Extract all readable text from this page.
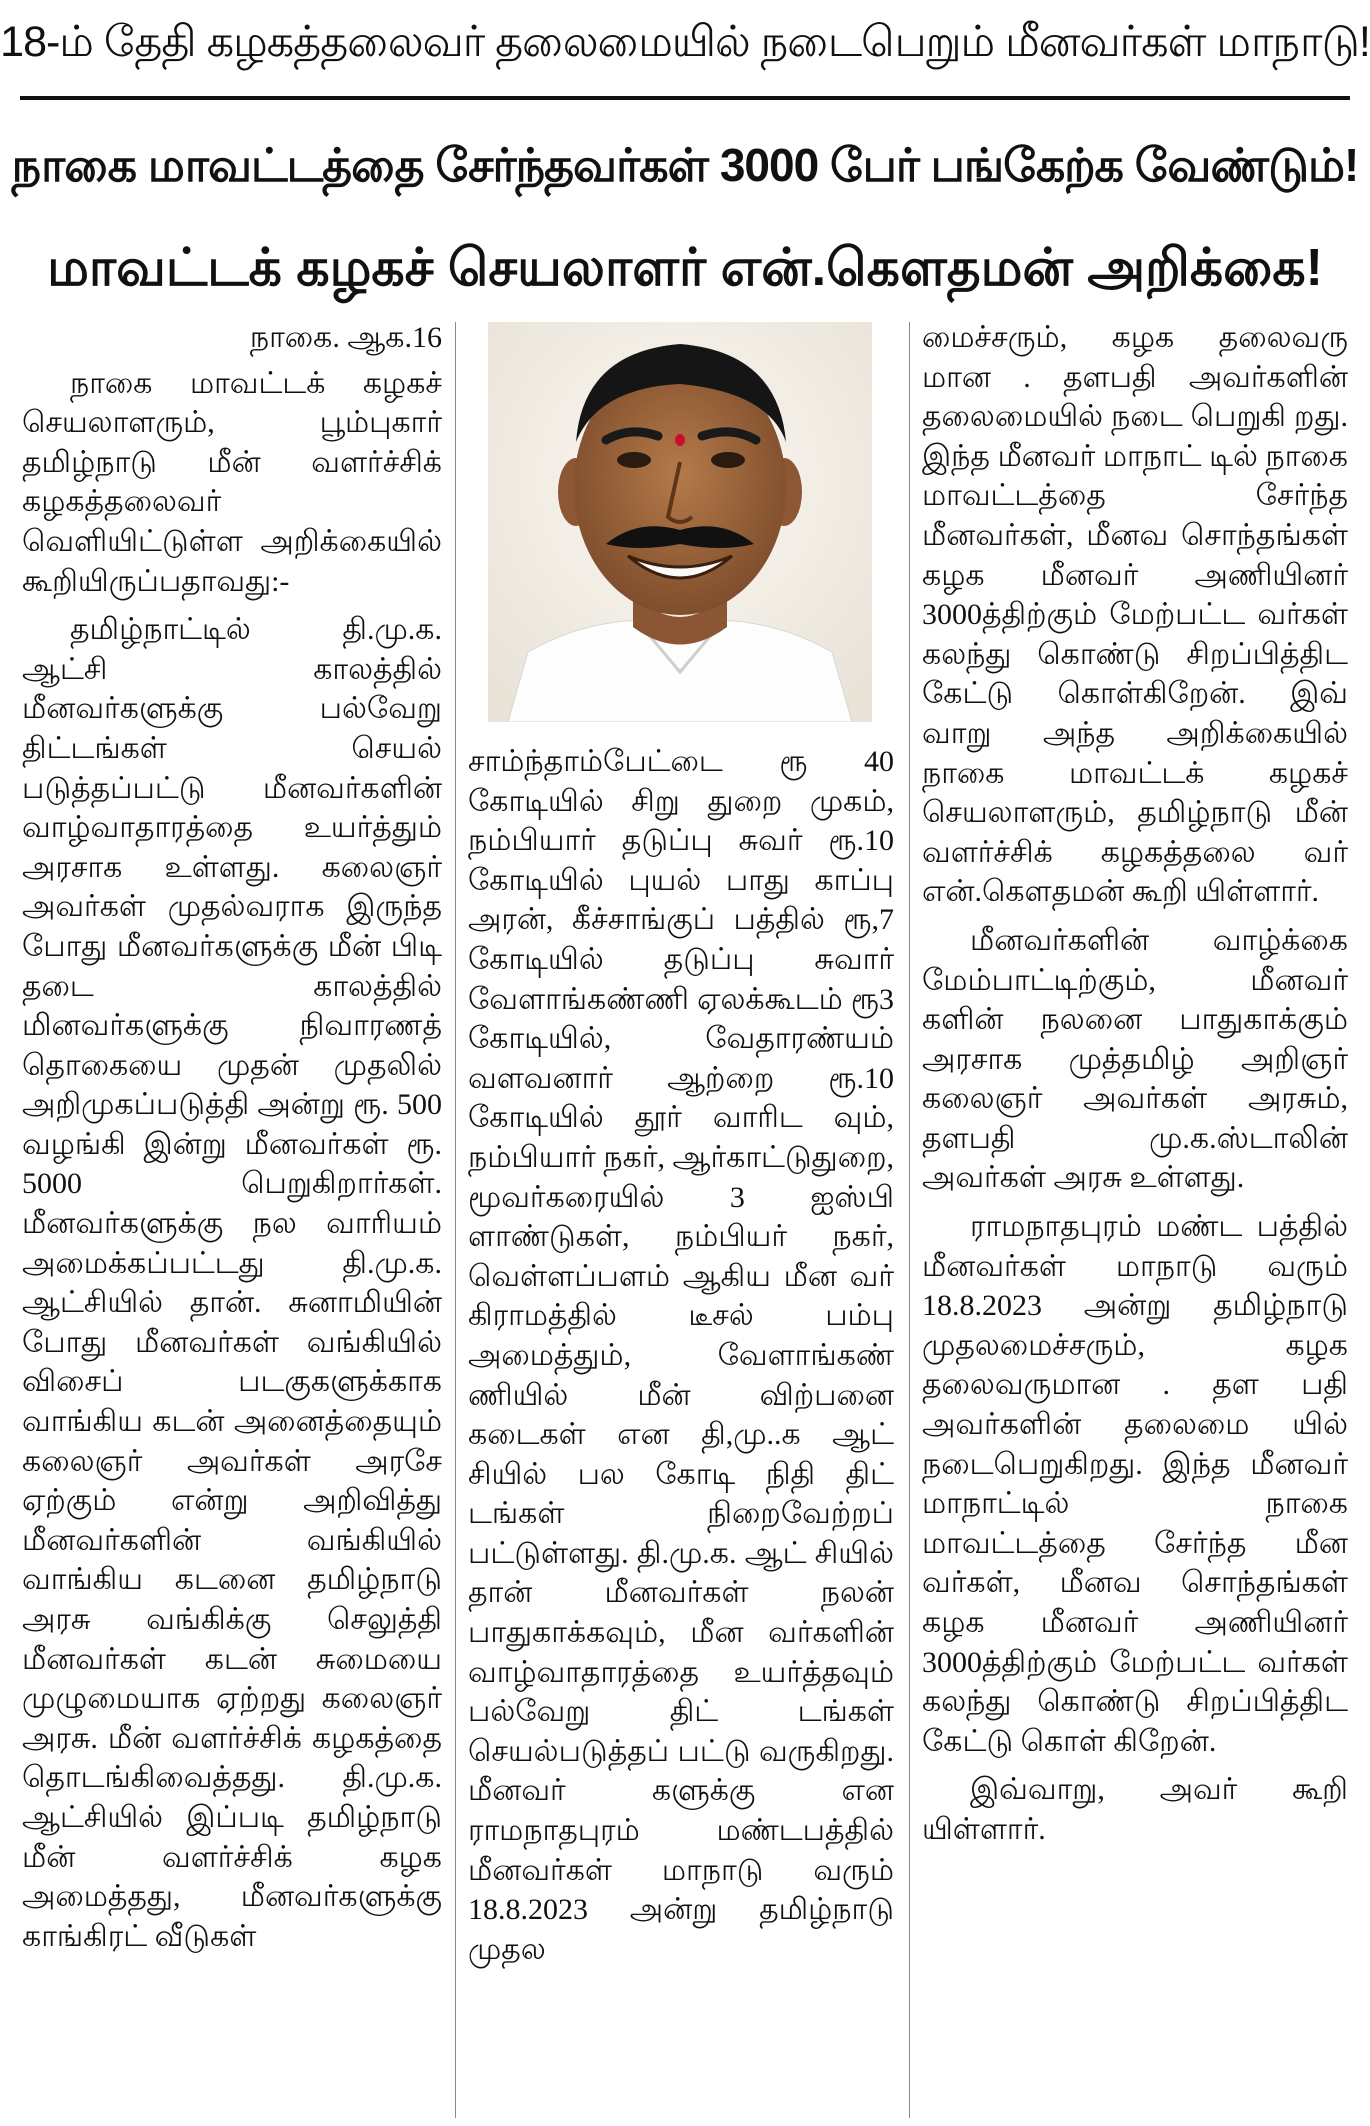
18-ம் தேதி கழகத்தலைவர் தலைமையில் நடைபெறும் மீனவர்கள் மாநாடு!
நாகை மாவட்டத்தை சேர்ந்தவர்கள் 3000 பேர் பங்கேற்க வேண்டும்!
மாவட்டக் கழகச் செயலாளர் என்.கௌதமன் அறிக்கை!
நாகை. ஆக.16

நாகை மாவட்டக் கழகச் செயலாளரும், பூம்புகார் தமிழ்நாடு மீன் வளர்ச்சிக் கழகத்தலைவர் வெளியிட்டுள்ள அறிக்கையில் கூறியிருப்பதாவது:-

தமிழ்நாட்டில் தி.மு.க. ஆட்சி காலத்தில் மீனவர்களுக்கு பல்வேறு திட்டங்கள் செயல் படுத்தப்பட்டு மீனவர்களின் வாழ்வாதாரத்தை உயர்த்தும் அரசாக உள்ளது. கலைஞர் அவர்கள் முதல்வராக இருந்த போது மீனவர்களுக்கு மீன் பிடி தடை காலத்தில் மினவர்களுக்கு நிவாரணத் தொகையை முதன் முதலில் அறிமுகப்படுத்தி அன்று ரூ. 500 வழங்கி இன்று மீனவர்கள் ரூ. 5000 பெறுகிறார்கள். மீனவர்களுக்கு நல வாரியம் அமைக்கப்பட்டது தி.மு.க. ஆட்சியில் தான். சுனாமியின் போது மீனவர்கள் வங்கியில் விசைப் படகுகளுக்காக வாங்கிய கடன் அனைத்தையும் கலைஞர் அவர்கள் அரசே ஏற்கும் என்று அறிவித்து மீனவர்களின் வங்கியில் வாங்கிய கடனை தமிழ்நாடு அரசு வங்கிக்கு செலுத்தி மீனவர்கள் கடன் சுமையை முழுமையாக ஏற்றது கலைஞர் அரசு. மீன் வளர்ச்சிக் கழகத்தை தொடங்கிவைத்தது. தி.மு.க. ஆட்சியில் இப்படி தமிழ்நாடு மீன் வளர்ச்சிக் கழக அமைத்தது, மீனவர்களுக்கு காங்கிரட் வீடுகள்

சாம்ந்தாம்பேட்டை ரூ 40 கோடியில் சிறு துறை முகம், நம்பியார் தடுப்பு சுவர் ரூ.10 கோடியில் புயல் பாது காப்பு அரன், கீச்சாங்குப் பத்தில் ரூ,7 கோடியில் தடுப்பு சுவார் வேளாங்கண்ணி ஏலக்கூடம் ரூ3 கோடியில், வேதாரண்யம் வளவனார் ஆற்றை ரூ.10 கோடியில் தூர் வாரிட வும், நம்பியார் நகர், ஆர்காட்டுதுறை, மூவர்கரையில் 3 ஐஸ்பி ளாண்டுகள், நம்பியர் நகர், வெள்ளப்பளம் ஆகிய மீன வர் கிராமத்தில் டீசல் பம்பு அமைத்தும், வேளாங்கண் ணியில் மீன் விற்பனை கடைகள் என தி,மு..க ஆட் சியில் பல கோடி நிதி திட் டங்கள் நிறைவேற்றப் பட்டுள்ளது. தி.மு.க. ஆட் சியில் தான் மீனவர்கள் நலன் பாதுகாக்கவும், மீன வர்களின் வாழ்வாதாரத்தை உயர்த்தவும் பல்வேறு திட் டங்கள் செயல்படுத்தப் பட்டு வருகிறது. மீனவர் களுக்கு என ராமநாதபுரம் மண்டபத்தில் மீனவர்கள் மாநாடு வரும் 18.8.2023 அன்று தமிழ்நாடு முதல

மைச்சரும், கழக தலைவரு மான . தளபதி அவர்களின் தலைமையில் நடை பெறுகி றது. இந்த மீனவர் மாநாட் டில் நாகை மாவட்டத்தை சேர்ந்த மீனவர்கள், மீனவ சொந்தங்கள் கழக மீனவர் அணியினர் 3000த்திற்கும் மேற்பட்ட வர்கள் கலந்து கொண்டு சிறப்பித்திட கேட்டு கொள்கிறேன். இவ் வாறு அந்த அறிக்கையில் நாகை மாவட்டக் கழகச் செயலாளரும், தமிழ்நாடு மீன் வளர்ச்சிக் கழகத்தலை வர் என்.கௌதமன் கூறி யிள்ளார்.

மீனவர்களின் வாழ்க்கை மேம்பாட்டிற்கும், மீனவர் களின் நலனை பாதுகாக்கும் அரசாக முத்தமிழ் அறிஞர் கலைஞர் அவர்கள் அரசும், தளபதி மு.க.ஸ்டாலின் அவர்கள் அரசு உள்ளது.

ராமநாதபுரம் மண்ட பத்தில் மீனவர்கள் மாநாடு வரும் 18.8.2023 அன்று தமிழ்நாடு முதலமைச்சரும், கழக தலைவருமான . தள பதி அவர்களின் தலைமை யில் நடைபெறுகிறது. இந்த மீனவர் மாநாட்டில் நாகை மாவட்டத்தை சேர்ந்த மீன வர்கள், மீனவ சொந்தங்கள் கழக மீனவர் அணியினர் 3000த்திற்கும் மேற்பட்ட வர்கள் கலந்து கொண்டு சிறப்பித்திட கேட்டு கொள் கிறேன்.

இவ்வாறு, அவர் கூறி யிள்ளார்.
